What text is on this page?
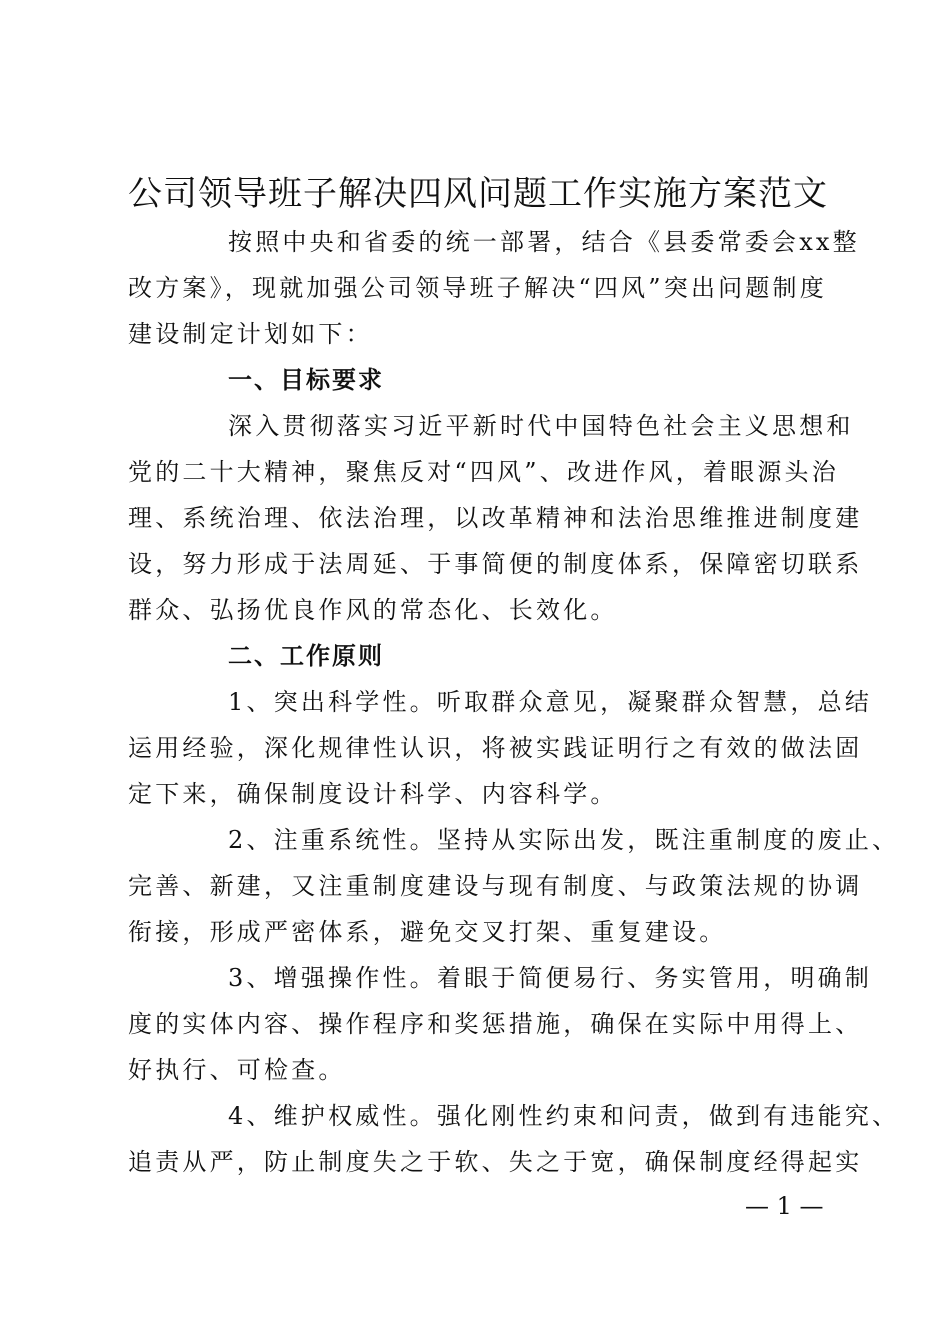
公司领导班子解决四风问题工作实施方案范文
按照中央和省委的统一部署，结合《县委常委会xx整
改方案》，现就加强公司领导班子解决“四风”突出问题制度
建设制定计划如下：
一、目标要求
深入贯彻落实习近平新时代中国特色社会主义思想和
党的二十大精神，聚焦反对“四风”、改进作风，着眼源头治
理、系统治理、依法治理，以改革精神和法治思维推进制度建
设，努力形成于法周延、于事简便的制度体系，保障密切联系
群众、弘扬优良作风的常态化、长效化。
二、工作原则
1、突出科学性。听取群众意见，凝聚群众智慧，总结
运用经验，深化规律性认识，将被实践证明行之有效的做法固
定下来，确保制度设计科学、内容科学。
2、注重系统性。坚持从实际出发，既注重制度的废止、
完善、新建，又注重制度建设与现有制度、与政策法规的协调
衔接，形成严密体系，避免交叉打架、重复建设。
3、增强操作性。着眼于简便易行、务实管用，明确制
度的实体内容、操作程序和奖惩措施，确保在实际中用得上、
好执行、可检查。
4、维护权威性。强化刚性约束和问责，做到有违能究、
追责从严，防止制度失之于软、失之于宽，确保制度经得起实
— 1 —
